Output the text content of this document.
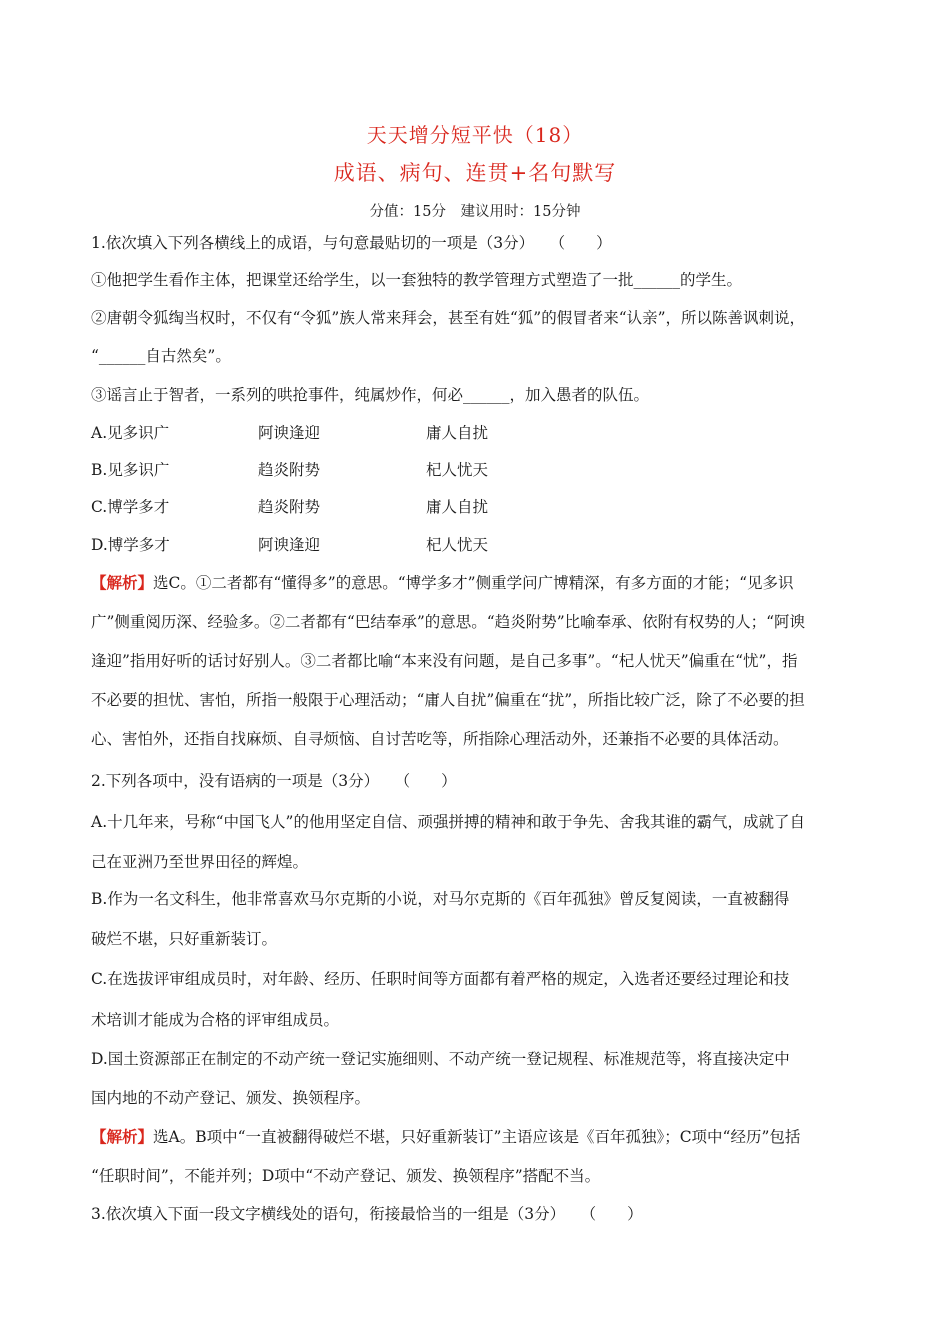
天天增分短平快（18）
成语、病句、连贯+名句默写
分值：15分　建议用时：15分钟
1.依次填入下列各横线上的成语，与句意最贴切的一项是（3分）　　（　　）
①他把学生看作主体，把课堂还给学生，以一套独特的教学管理方式塑造了一批______的学生。
②唐朝令狐绹当权时，不仅有“令狐”族人常来拜会，甚至有姓“狐”的假冒者来“认亲”，所以陈善讽刺说，
“______自古然矣”。
③谣言止于智者，一系列的哄抢事件，纯属炒作，何必______，加入愚者的队伍。
A.见多识广	阿谀逢迎	庸人自扰
B.见多识广	趋炎附势	杞人忧天
C.博学多才	趋炎附势	庸人自扰
D.博学多才	阿谀逢迎	杞人忧天
【解析】选C。①二者都有“懂得多”的意思。“博学多才”侧重学问广博精深，有多方面的才能；“见多识
广”侧重阅历深、经验多。②二者都有“巴结奉承”的意思。“趋炎附势”比喻奉承、依附有权势的人；“阿谀
逢迎”指用好听的话讨好别人。③二者都比喻“本来没有问题，是自己多事”。“杞人忧天”偏重在“忧”，指
不必要的担忧、害怕，所指一般限于心理活动；“庸人自扰”偏重在“扰”，所指比较广泛，除了不必要的担
心、害怕外，还指自找麻烦、自寻烦恼、自讨苦吃等，所指除心理活动外，还兼指不必要的具体活动。
2.下列各项中，没有语病的一项是（3分）　　（　　）
A.十几年来，号称“中国飞人”的他用坚定自信、顽强拼搏的精神和敢于争先、舍我其谁的霸气，成就了自
己在亚洲乃至世界田径的辉煌。
B.作为一名文科生，他非常喜欢马尔克斯的小说，对马尔克斯的《百年孤独》曾反复阅读，一直被翻得
破烂不堪，只好重新装订。
C.在选拔评审组成员时，对年龄、经历、任职时间等方面都有着严格的规定，入选者还要经过理论和技
术培训才能成为合格的评审组成员。
D.国土资源部正在制定的不动产统一登记实施细则、不动产统一登记规程、标准规范等，将直接决定中
国内地的不动产登记、颁发、换领程序。
【解析】选A。B项中“一直被翻得破烂不堪，只好重新装订”主语应该是《百年孤独》；C项中“经历”包括
“任职时间”，不能并列；D项中“不动产登记、颁发、换领程序”搭配不当。
3.依次填入下面一段文字横线处的语句，衔接最恰当的一组是（3分）　　（　　）
